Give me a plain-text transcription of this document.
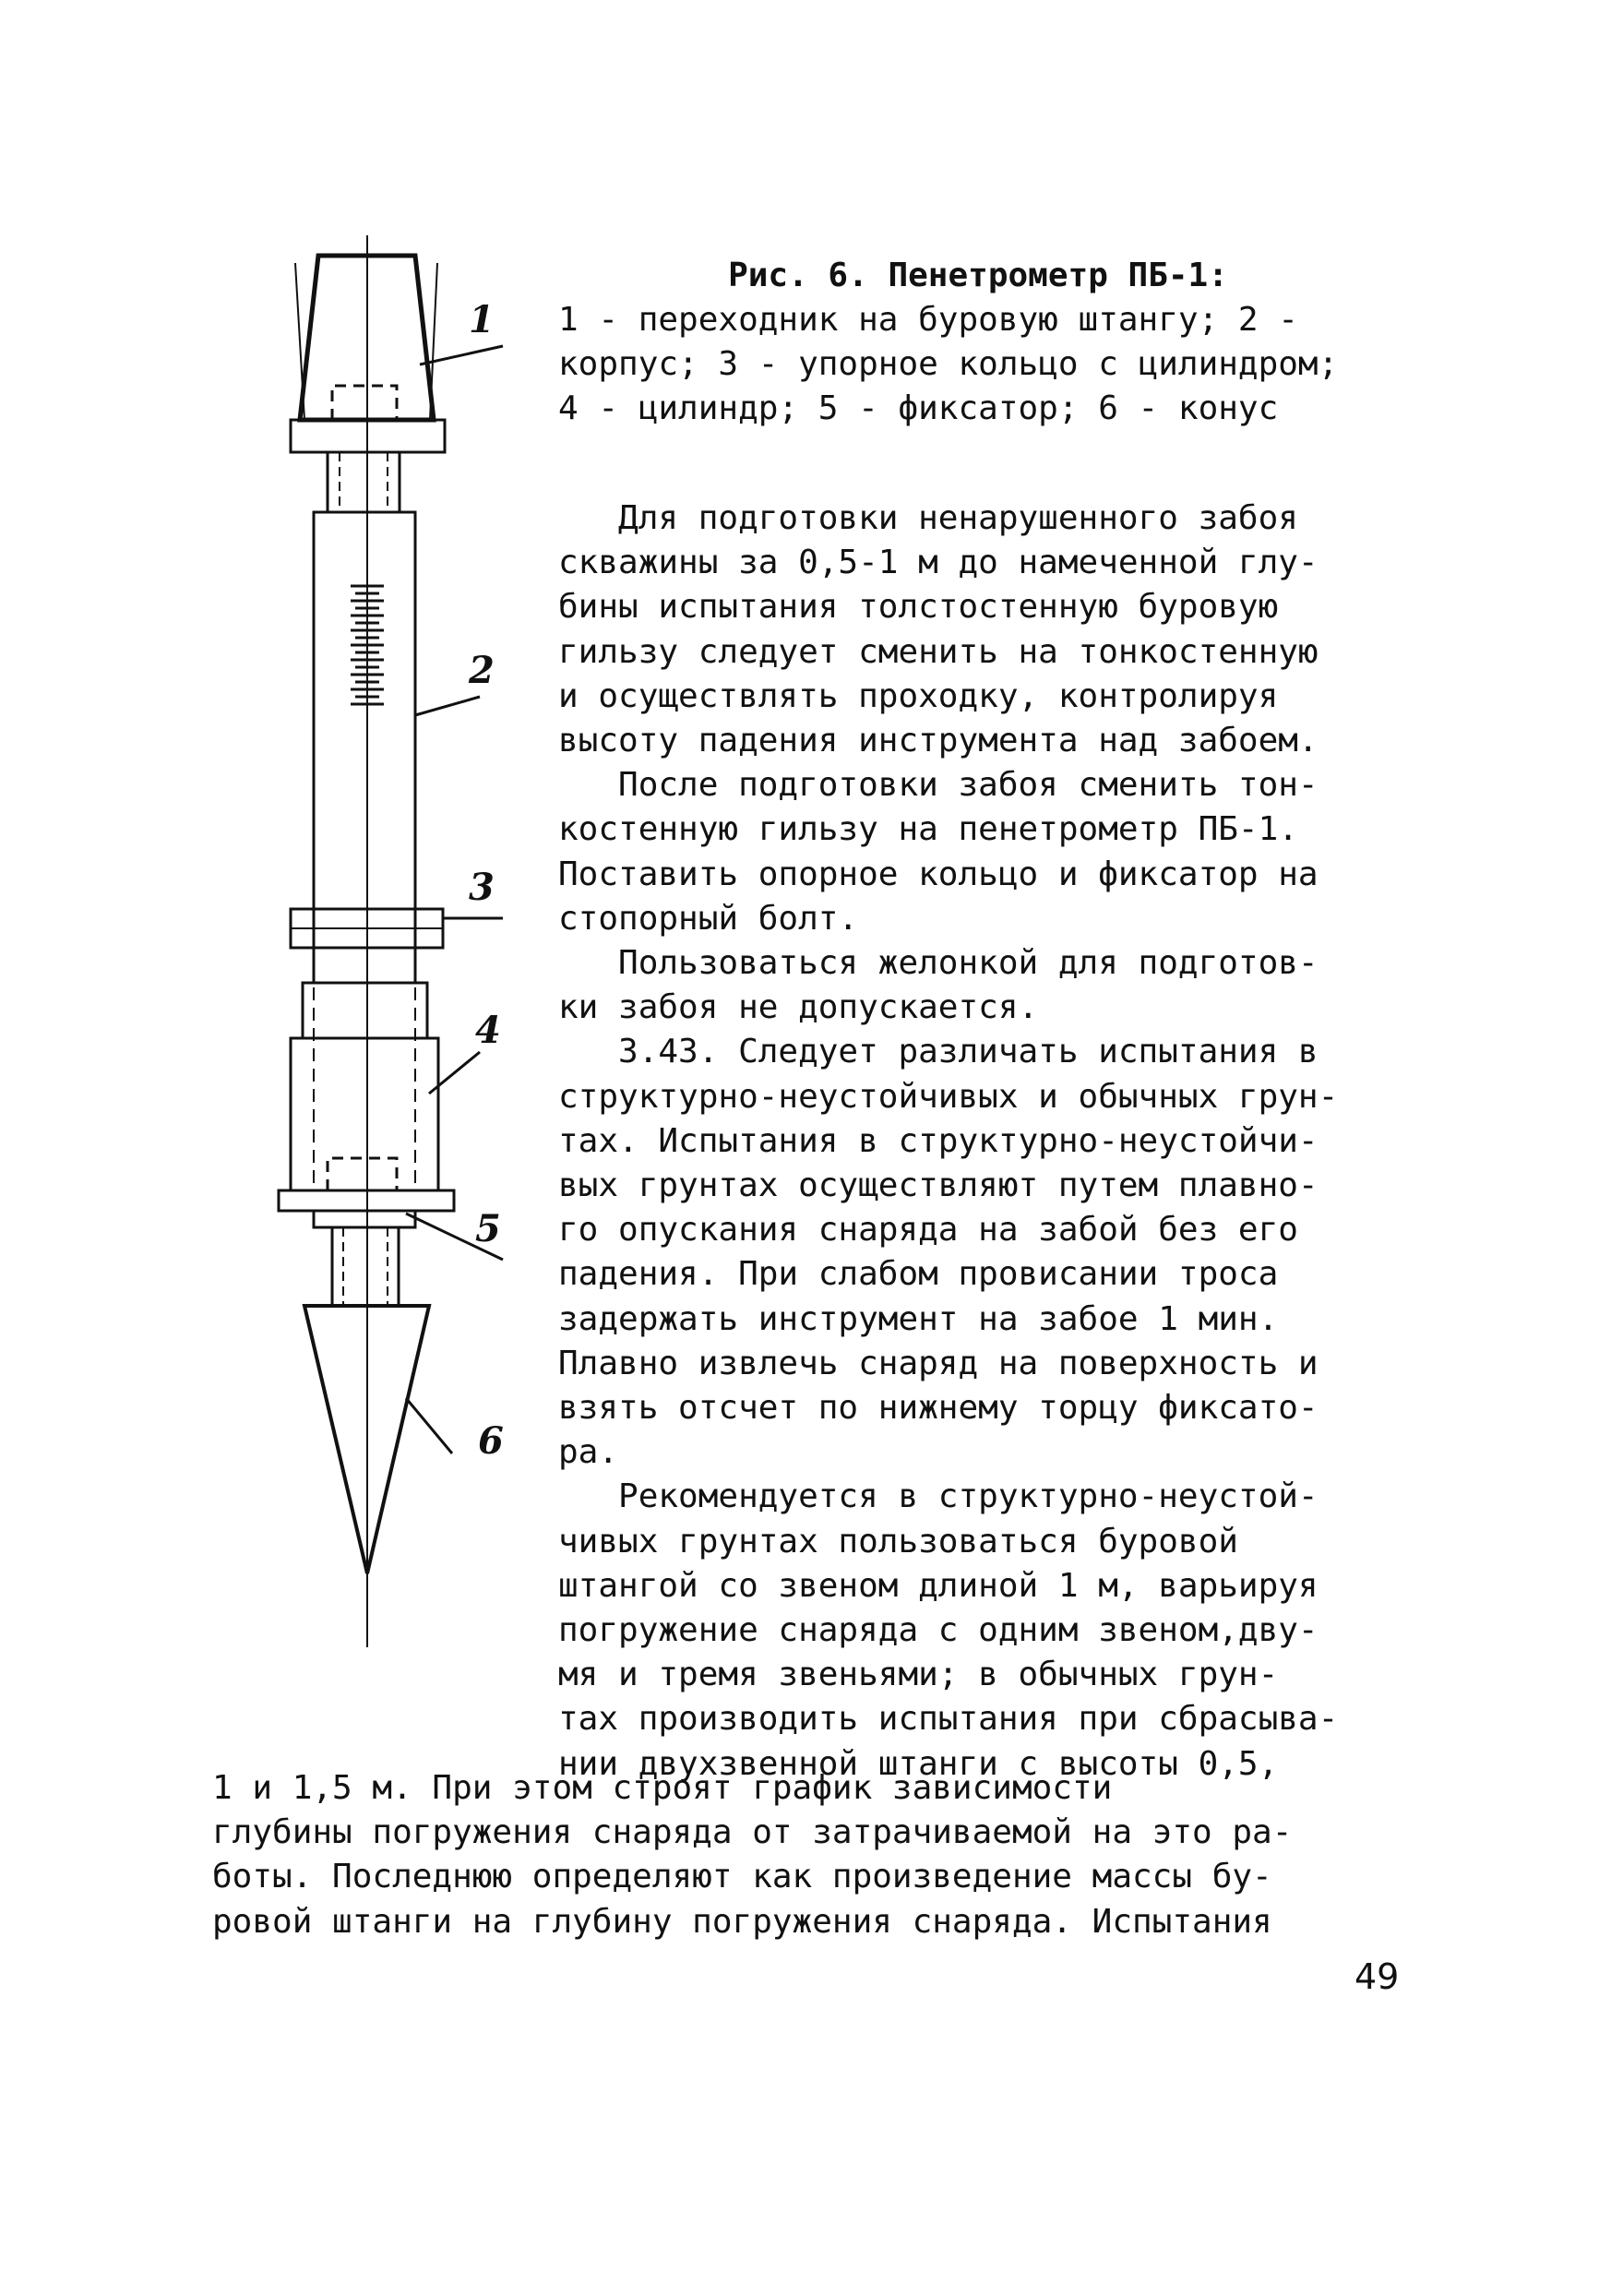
1
2
3
4
5
6
Рис. 6. Пенетрометр ПБ-1:
1 - переходник на буровую штангу; 2 -
корпус; 3 - упорное кольцо с цилиндром;
4 - цилиндр; 5 - фиксатор; 6 - конус
Для подготовки ненарушенного забоя
скважины за 0,5-1 м до намеченной глу-
бины испытания толстостенную буровую
гильзу следует сменить на тонкостенную
и осуществлять проходку, контролируя
высоту падения инструмента над забоем.
После подготовки забоя сменить тон-
костенную гильзу на пенетрометр ПБ-1.
Поставить опорное кольцо и фиксатор на
стопорный болт.
Пользоваться желонкой для подготов-
ки забоя не допускается.
3.43. Следует различать испытания в
структурно-неустойчивых и обычных грун-
тах. Испытания в структурно-неустойчи-
вых грунтах осуществляют путем плавно-
го опускания снаряда на забой без его
падения. При слабом провисании троса
задержать инструмент на забое 1 мин.
Плавно извлечь снаряд на поверхность и
взять отсчет по нижнему торцу фиксато-
ра.
Рекомендуется в структурно-неустой-
чивых грунтах пользоваться буровой
штангой со звеном длиной 1 м, варьируя
погружение снаряда с одним звеном,дву-
мя и тремя звеньями; в обычных грун-
тах производить испытания при сбрасыва-
нии двухзвенной штанги с высоты 0,5,
1 и 1,5 м. При этом строят график зависимости
глубины погружения снаряда от затрачиваемой на это ра-
боты. Последнюю определяют как произведение массы бу-
ровой штанги на глубину погружения снаряда. Испытания
49
